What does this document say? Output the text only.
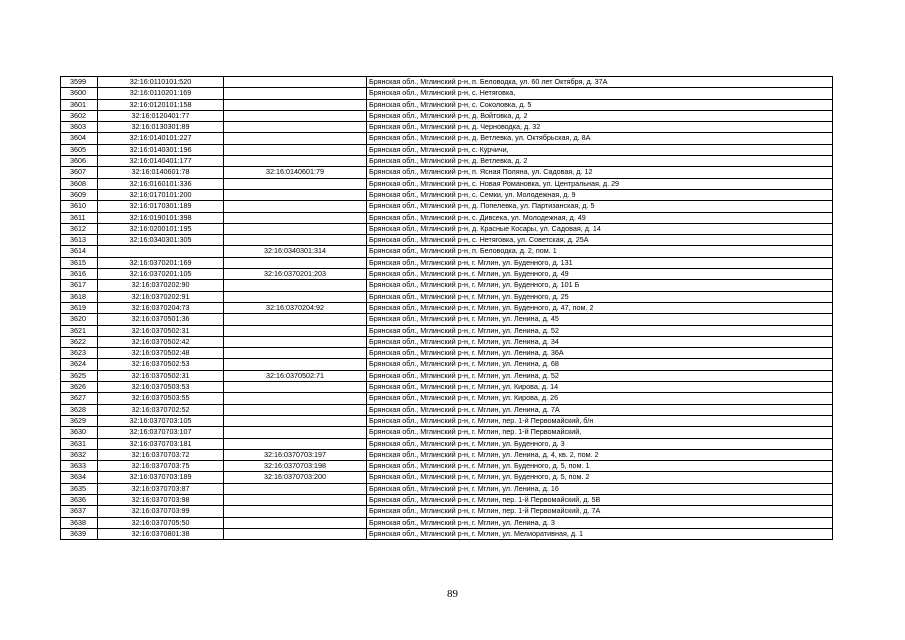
3599	32:16:0110101:520		Брянская обл., Мглинский р-н, п. Беловодка, ул. 60 лет Октября, д. 37А
3600	32:16:0110201:169		Брянская обл., Мглинский р-н, с. Нетяговка,
3601	32:16:0120101:158		Брянская обл., Мглинский р-н, с. Соколовка, д. 5
3602	32:16:0120401:77		Брянская обл., Мглинский р-н, д. Войтовка, д. 2
3603	32:16:0130301:89		Брянская обл., Мглинский р-н, д. Черноводка, д. 32
3604	32:16:0140101:227		Брянская обл., Мглинский р-н, д. Ветлевка, ул. Октябрьская, д. 8А
3605	32:16:0140301:196		Брянская обл., Мглинский р-н, с. Курчичи,
3606	32:16:0140401:177		Брянская обл., Мглинский р-н, д. Ветлевка, д. 2
3607	32:16:0140601:78	32:16:0140601:79	Брянская обл., Мглинский р-н, п. Ясная Поляна, ул. Садовая, д. 12
3608	32:16:0160101:336		Брянская обл., Мглинский р-н, с. Новая Романовка, ул. Центральная, д. 29
3609	32:16:0170101:200		Брянская обл., Мглинский р-н, с. Семки, ул. Молодежная, д. 9
3610	32:16:0170301:189		Брянская обл., Мглинский р-н, д. Попелевка, ул. Партизанская, д. 5
3611	32:16:0190101:398		Брянская обл., Мглинский р-н, с. Дивсека, ул. Молодежная, д. 49
3612	32:16:0200101:195		Брянская обл., Мглинский р-н, д. Красные Косары, ул. Садовая, д. 14
3613	32:16:0340301:305		Брянская обл., Мглинский р-н, с. Нетяговка, ул. Советская, д. 25А
3614		32:16:0340301:314	Брянская обл., Мглинский р-н, п. Беловодка, д. 2, пом. 1
3615	32:16:0370201:169		Брянская обл., Мглинский р-н, г. Мглин, ул. Буденного, д. 131
3616	32:16:0370201:105	32:16:0370201:203	Брянская обл., Мглинский р-н, г. Мглин, ул. Буденного, д. 49
3617	32:16:0370202:90		Брянская обл., Мглинский р-н, г. Мглин, ул. Буденного, д. 101 Б
3618	32:16:0370202:91		Брянская обл., Мглинский р-н, г. Мглин, ул. Буденного, д. 25
3619	32:16:0370204:73	32:16:0370204:92	Брянская обл., Мглинский р-н, г. Мглин, ул. Буденного, д. 47, пом. 2
3620	32:16:0370501:36		Брянская обл., Мглинский р-н, г. Мглин, ул. Ленина, д. 45
3621	32:16:0370502:31		Брянская обл., Мглинский р-н, г. Мглин, ул. Ленина, д. 52
3622	32:16:0370502:42		Брянская обл., Мглинский р-н, г. Мглин, ул. Ленина, д. 34
3623	32:16:0370502:48		Брянская обл., Мглинский р-н, г. Мглин, ул. Ленина, д. 36А
3624	32:16:0370502:53		Брянская обл., Мглинский р-н, г. Мглин, ул. Ленина, д. 68
3625	32:16:0370502:31	32:16:0370502:71	Брянская обл., Мглинский р-н, г. Мглин, ул. Ленина, д. 52
3626	32:16:0370503:53		Брянская обл., Мглинский р-н, г. Мглин, ул. Кирова, д. 14
3627	32:16:0370503:55		Брянская обл., Мглинский р-н, г. Мглин, ул. Кирова, д. 26
3628	32:16:0370702:52		Брянская обл., Мглинский р-н, г. Мглин, ул. Ленина, д. 7А
3629	32:16:0370703:105		Брянская обл., Мглинский р-н, г. Мглин, пер. 1-й Первомайский, б/н
3630	32:16:0370703:107		Брянская обл., Мглинский р-н, г. Мглин, пер. 1-й Первомайский,
3631	32:16:0370703:181		Брянская обл., Мглинский р-н, г. Мглин, ул. Буденного, д. 3
3632	32:16:0370703:72	32:16:0370703:197	Брянская обл., Мглинский р-н, г. Мглин, ул. Ленина, д. 4, кв. 2, пом. 2
3633	32:16:0370703:75	32:16:0370703:198	Брянская обл., Мглинский р-н, г. Мглин, ул. Буденного, д. 5, пом. 1
3634	32:16:0370703:189	32:16:0370703:200	Брянская обл., Мглинский р-н, г. Мглин, ул. Буденного, д. 5, пом. 2
3635	32:16:0370703:87		Брянская обл., Мглинский р-н, г. Мглин, ул. Ленина, д. 16
3636	32:16:0370703:98		Брянская обл., Мглинский р-н, г. Мглин, пер. 1-й Первомайский, д. 5В
3637	32:16:0370703:99		Брянская обл., Мглинский р-н, г. Мглин, пер. 1-й Первомайский, д. 7А
3638	32:16:0370705:50		Брянская обл., Мглинский р-н, г. Мглин, ул. Ленина, д. 3
3639	32:16:0370801:38		Брянская обл., Мглинский р-н, г. Мглин, ул. Мелиоративная, д. 1
89
